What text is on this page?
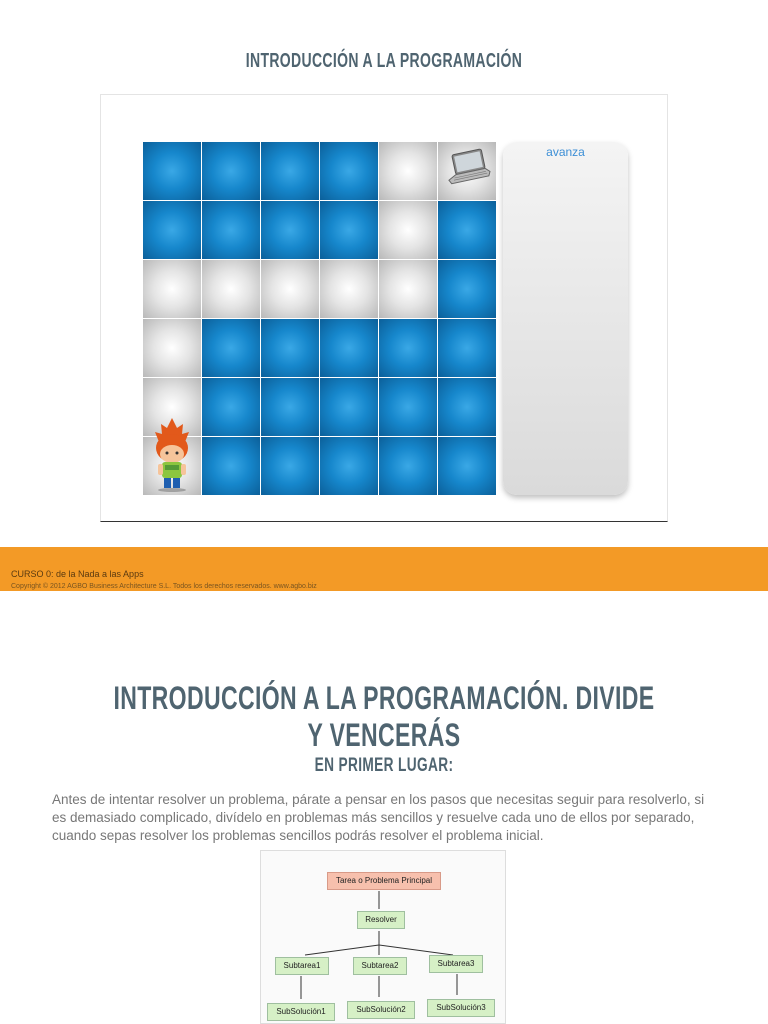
INTRODUCCIÓN A LA PROGRAMACIÓN
avanza
CURSO 0: de la Nada a las Apps
Copyright © 2012 AGBO Business Architecture S.L. Todos los derechos reservados. www.agbo.biz
INTRODUCCIÓN A LA PROGRAMACIÓN. DIVIDE Y VENCERÁS
EN PRIMER LUGAR:
Antes de intentar resolver un problema, párate a pensar en los pasos que necesitas seguir para resolverlo, si es demasiado complicado, divídelo en problemas más sencillos y resuelve cada uno de ellos por separado, cuando sepas resolver los problemas sencillos podrás resolver el problema inicial.
Tarea o Problema Principal
Resolver
Subtarea1	Subtarea2	Subtarea3
SubSolución1	SubSolución2	SubSolución3
